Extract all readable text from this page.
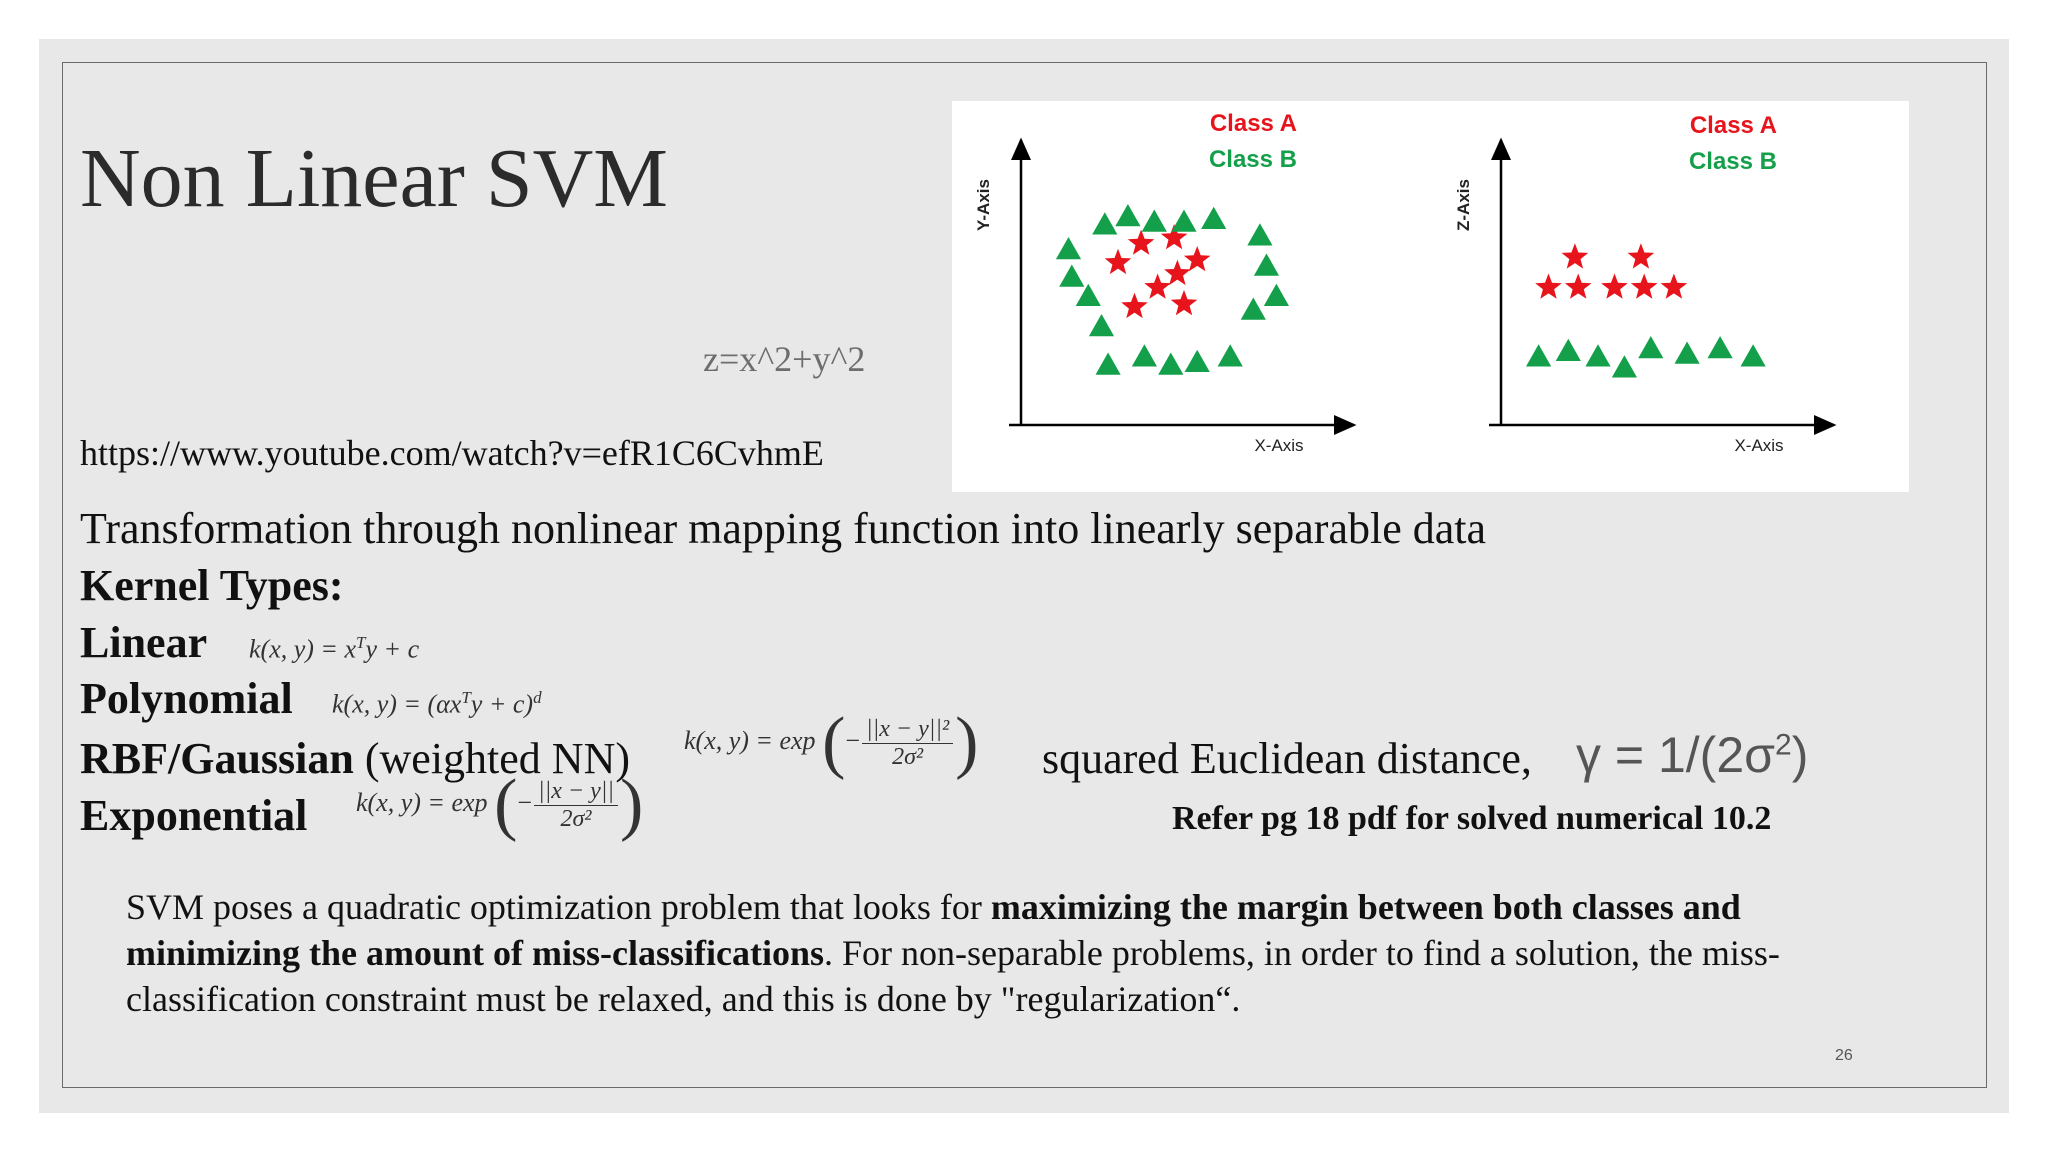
Non Linear SVM
z=x^2+y^2
https://www.youtube.com/watch?v=efR1C6CvhmE
Transformation through nonlinear mapping function into linearly separable data
Kernel Types:
Linear k(x, $y) = x^Ty + c$
Polynomial k(x, $y) = (\alpha x^Ty + c)^d$
RBF/Gaussian (weighted NN) k(x, y) = exp (− $\frac{\text{||x − y||²}}{\text{2σ²}}$ ) squared Euclidean distance, $\gamma = 1/(2\sigma^2)$
Exponential k(x, y) = exp (− $\frac{||x - y||}{\text{2σ²}}$ )	Refer pg 18 pdf for solved numerical 10.2
SVM poses a quadratic optimization problem that looks for maximizing the margin between both classes and minimizing the amount of miss-classifications. For non-separable problems, in order to find a solution, the miss-classification constraint must be relaxed, and this is done by "regularization“.
26
X-Axis
Y-Axis
Class A
Class B
X-Axis
Z-Axis
Class A
Class B
